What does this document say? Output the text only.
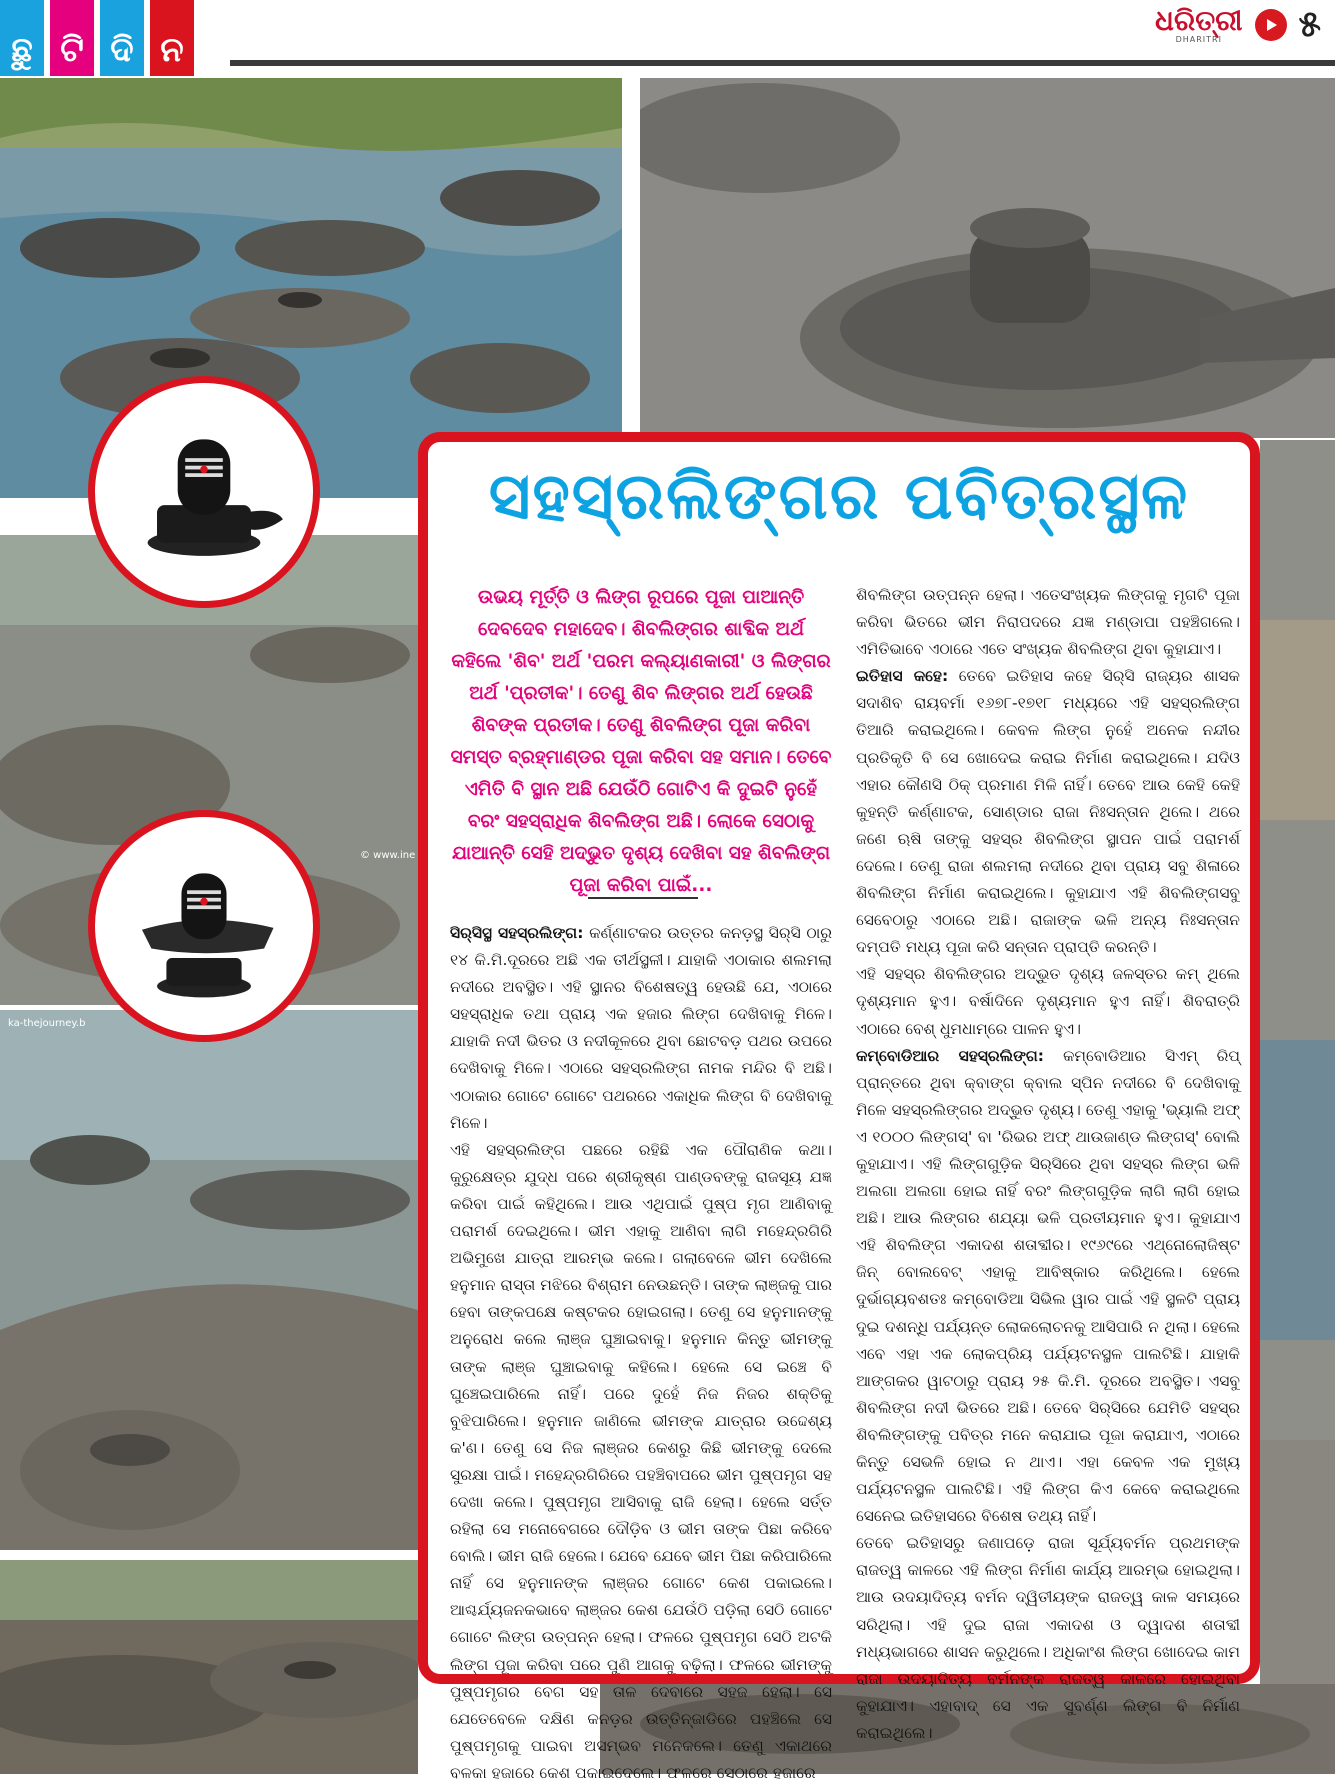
ଛୁ ଟି ଦି ନ
ଧରିତ୍ରୀ
DHARITRI	୫
© www.ine
ka-thejourney.b
ସହସ୍ରଲିଙ୍ଗର ପବିତ୍ରସ୍ଥଳ
ଉଭୟ ମୂର୍ତ୍ତି ଓ ଲିଙ୍ଗ ରୂପରେ ପୂଜା ପାଆନ୍ତି ଦେବଦେବ ମହାଦେବ। ଶିବଲିଙ୍ଗର ଶାବ୍ଦିକ ଅର୍ଥ କହିଲେ 'ଶିବ' ଅର୍ଥ 'ପରମ କଲ୍ୟାଣକାରୀ' ଓ ଲିଙ୍ଗର ଅର୍ଥ 'ପ୍ରତୀକ'। ତେଣୁ ଶିବ ଲିଙ୍ଗର ଅର୍ଥ ହେଉଛି ଶିବଙ୍କ ପ୍ରତୀକ। ତେଣୁ ଶିବଲିଙ୍ଗ ପୂଜା କରିବା ସମସ୍ତ ବ୍ରହ୍ମାଣ୍ଡର ପୂଜା କରିବା ସହ ସମାନ। ତେବେ ଏମିତି ବି ସ୍ଥାନ ଅଛି ଯେଉଁଠି ଗୋଟିଏ କି ଦୁଇଟି ନୁହେଁ ବରଂ ସହସ୍ରାଧିକ ଶିବଲିଙ୍ଗ ଅଛି। ଲୋକେ ସେଠାକୁ ଯାଆନ୍ତି ସେହି ଅଦ୍ଭୁତ ଦୃଶ୍ୟ ଦେଖିବା ସହ ଶିବଲିଙ୍ଗ ପୂଜା କରିବା ପାଇଁ...

ସିର୍‌ସିସ୍ଥ ସହସ୍ରଲିଙ୍ଗ: କର୍ଣ୍ଣାଟକର ଉତ୍ତର କନଡ଼ସ୍ଥ ସିର୍‌ସି ଠାରୁ ୧୪ କି.ମି.ଦୂରରେ ଅଛି ଏକ ତୀର୍ଥସ୍ଥଳୀ। ଯାହାକି ଏଠାକାର ଶଲମଲା ନଦୀରେ ଅବସ୍ଥିତ। ଏହି ସ୍ଥାନର ବିଶେଷତ୍ୱ ହେଉଛି ଯେ, ଏଠାରେ ସହସ୍ରାଧିକ ତଥା ପ୍ରାୟ ଏକ ହଜାର ଲିଙ୍ଗ ଦେଖିବାକୁ ମିଳେ। ଯାହାକି ନଦୀ ଭିତର ଓ ନଦୀକୂଳରେ ଥିବା ଛୋଟବଡ଼ ପଥର ଉପରେ ଦେଖିବାକୁ ମିଳେ। ଏଠାରେ ସହସ୍ରଲିଙ୍ଗ ନାମକ ମନ୍ଦିର ବି ଅଛି। ଏଠାକାର ଗୋଟେ ଗୋଟେ ପଥରରେ ଏକାଧିକ ଲିଙ୍ଗ ବି ଦେଖିବାକୁ ମିଳେ।

ଏହି ସହସ୍ରଲିଙ୍ଗ ପଛରେ ରହିଛି ଏକ ପୌରାଣିକ କଥା। କୁରୁକ୍ଷେତ୍ର ଯୁଦ୍ଧ ପରେ ଶ୍ରୀକୃଷ୍ଣ ପାଣ୍ଡବଙ୍କୁ ରାଜସୂୟ ଯଜ୍ଞ କରିବା ପାଇଁ କହିଥିଲେ। ଆଉ ଏଥିପାଇଁ ପୁଷ୍ପ ମୃଗ ଆଣିବାକୁ ପରାମର୍ଶ ଦେଇଥିଲେ। ଭୀମ ଏହାକୁ ଆଣିବା ଲାଗି ମହେନ୍ଦ୍ରଗିରି ଅଭିମୁଖେ ଯାତ୍ରା ଆରମ୍ଭ କଲେ। ଗଲାବେଳେ ଭୀମ ଦେଖିଲେ ହନୁମାନ ରାସ୍ତା ମଝିରେ ବିଶ୍ରାମ ନେଉଛନ୍ତି। ତାଙ୍କ ଲାଞ୍ଜକୁ ପାର ହେବା ତାଙ୍କପକ୍ଷେ କଷ୍ଟକର ହୋଇଗଲା। ତେଣୁ ସେ ହନୁମାନଙ୍କୁ ଅନୁରୋଧ କଲେ ଲାଞ୍ଜ ଘୁଞ୍ଚାଇବାକୁ। ହନୁମାନ କିନ୍ତୁ ଭୀମଙ୍କୁ ତାଙ୍କ ଲାଞ୍ଜ ଘୁଞ୍ଚାଇବାକୁ କହିଲେ। ହେଲେ ସେ ଇଞ୍ଚେ ବି ଘୁଞ୍ଚେଇପାରିଲେ ନାହିଁ। ପରେ ଦୁହେଁ ନିଜ ନିଜର ଶକ୍ତିକୁ ବୁଝିପାରିଲେ। ହନୁମାନ ଜାଣିଲେ ଭୀମଙ୍କ ଯାତ୍ରାର ଉଦ୍ଦେଶ୍ୟ କ'ଣ। ତେଣୁ ସେ ନିଜ ଲାଞ୍ଜର କେଶରୁ କିଛି ଭୀମଙ୍କୁ ଦେଲେ ସୁରକ୍ଷା ପାଇଁ। ମହେନ୍ଦ୍ରଗିରିରେ ପହଞ୍ଚିବାପରେ ଭୀମ ପୁଷ୍ପମୃଗ ସହ ଦେଖା କଲେ। ପୁଷ୍ପମୃଗ ଆସିବାକୁ ରାଜି ହେଲା। ହେଲେ ସର୍ତ୍ତ ରହିଲା ସେ ମନୋବେଗରେ ଦୌଡ଼ିବ ଓ ଭୀମ ତାଙ୍କ ପିଛା କରିବେ ବୋଲି। ଭୀମ ରାଜି ହେଲେ। ଯେବେ ଯେବେ ଭୀମ ପିଛା କରିପାରିଲେ ନାହିଁ ସେ ହନୁମାନଙ୍କ ଲାଞ୍ଜର ଗୋଟେ କେଶ ପକାଇଲେ। ଆଶ୍ଚର୍ଯ୍ୟଜନକଭାବେ ଲାଞ୍ଜର କେଶ ଯେଉଁଠି ପଡ଼ିଲା ସେଠି ଗୋଟେ ଗୋଟେ ଲିଙ୍ଗ ଉତ୍ପନ୍ନ ହେଲା। ଫଳରେ ପୁଷ୍ପମୃଗ ସେଠି ଅଟକି ଲିଙ୍ଗ ପୂଜା କରିବା ପରେ ପୁଣି ଆଗକୁ ବଢ଼ିଲା। ଫଳରେ ଭୀମଙ୍କୁ ପୁଷ୍ପମୃଗର ବେଗ ସହ ତାଳ ଦେବାରେ ସହଜ ହେଲା। ସେ ଯେତେବେଳେ ଦକ୍ଷିଣ କନଡ଼ର ଉତ୍ତିନ୍‌ଜାଡିରେ ପହଞ୍ଚିଲେ ସେ ପୁଷ୍ପମୃଗକୁ ପାଇବା ଅସମ୍ଭବ ମନେକଲେ। ତେଣୁ ଏକାଥରେ ବଳକା ହଜାରେ କେଶ ପକାଇଦେଲେ। ଫଳରେ ସେଠାରେ ହଜାରେ

ଶିବଲିଙ୍ଗ ଉତ୍ପନ୍ନ ହେଲା। ଏତେସଂଖ୍ୟକ ଲିଙ୍ଗକୁ ମୃଗଟି ପୂଜା କରିବା ଭିତରେ ଭୀମ ନିରାପଦରେ ଯଜ୍ଞ ମଣ୍ଡାପା ପହଞ୍ଚିଗଲେ। ଏମିତିଭାବେ ଏଠାରେ ଏତେ ସଂଖ୍ୟକ ଶିବଲିଙ୍ଗ ଥିବା କୁହାଯାଏ।

ଇତିହାସ କହେ: ତେବେ ଇତିହାସ କହେ ସିର୍‌ସି ରାଜ୍ୟର ଶାସକ ସଦାଶିବ ରାୟବର୍ମା ୧୬୭୮-୧୭୧୮ ମଧ୍ୟରେ ଏହି ସହସ୍ରଲିଙ୍ଗ ତିଆରି କରାଇଥିଲେ। କେବଳ ଲିଙ୍ଗ ନୁହେଁ ଅନେକ ନନ୍ଦୀର ପ୍ରତିକୃତି ବି ସେ ଖୋଦେଇ କରାଇ ନିର୍ମାଣ କରାଇଥିଲେ। ଯଦିଓ ଏହାର କୌଣସି ଠିକ୍ ପ୍ରମାଣ ମିଳି ନାହିଁ। ତେବେ ଆଉ କେହି କେହି କୁହନ୍ତି କର୍ଣ୍ଣାଟକ, ସୋଣ୍ଡାର ରାଜା ନିଃସନ୍ତାନ ଥିଲେ। ଥରେ ଜଣେ ଋଷି ତାଙ୍କୁ ସହସ୍ର ଶିବଲିଙ୍ଗ ସ୍ଥାପନ ପାଇଁ ପରାମର୍ଶ ଦେଲେ। ତେଣୁ ରାଜା ଶଲମଲା ନଦୀରେ ଥିବା ପ୍ରାୟ ସବୁ ଶିଳାରେ ଶିବଲିଙ୍ଗ ନିର୍ମାଣ କରାଇଥିଲେ। କୁହାଯାଏ ଏହି ଶିବଲିଙ୍ଗସବୁ ସେବେଠାରୁ ଏଠାରେ ଅଛି। ରାଜାଙ୍କ ଭଳି ଅନ୍ୟ ନିଃସନ୍ତାନ ଦମ୍ପତି ମଧ୍ୟ ପୂଜା କରି ସନ୍ତାନ ପ୍ରାପ୍ତି କରନ୍ତି।

ଏହି ସହସ୍ର ଶିବଲିଙ୍ଗର ଅଦ୍ଭୁତ ଦୃଶ୍ୟ ଜଳସ୍ତର କମ୍ ଥିଲେ ଦୃଶ୍ୟମାନ ହୁଏ। ବର୍ଷାଦିନେ ଦୃଶ୍ୟମାନ ହୁଏ ନାହିଁ। ଶିବରାତ୍ରି ଏଠାରେ ବେଶ୍ ଧୁମଧାମ୍‌ରେ ପାଳନ ହୁଏ।

କମ୍ବୋଡିଆର ସହସ୍ରଲିଙ୍ଗ: କମ୍ବୋଡିଆର ସିଏମ୍ ରିପ୍ ପ୍ରାନ୍ତରେ ଥିବା କ୍ବାଙ୍ଗ କ୍ବାଲ ସ୍ପିନ ନଦୀରେ ବି ଦେଖିବାକୁ ମିଳେ ସହସ୍ରଲିଙ୍ଗର ଅଦ୍ଭୁତ ଦୃଶ୍ୟ। ତେଣୁ ଏହାକୁ 'ଭ୍ୟାଲି ଅଫ୍ ଏ ୧୦୦୦ ଲିଙ୍ଗସ୍' ବା 'ରିଭର ଅଫ୍ ଥାଉଜାଣ୍ଡ ଲିଙ୍ଗସ୍' ବୋଲି କୁହାଯାଏ। ଏହି ଲିଙ୍ଗଗୁଡ଼ିକ ସିର୍‌ସିରେ ଥିବା ସହସ୍ର ଲିଙ୍ଗ ଭଳି ଅଲଗା ଅଲଗା ହୋଇ ନାହିଁ ବରଂ ଲିଙ୍ଗଗୁଡ଼ିକ ଲାଗି ଲାଗି ହୋଇ ଅଛି। ଆଉ ଲିଙ୍ଗର ଶଯ୍ୟା ଭଳି ପ୍ରତୀୟମାନ ହୁଏ। କୁହାଯାଏ ଏହି ଶିବଲିଙ୍ଗ ଏକାଦଶ ଶତାବ୍ଦୀର। ୧୯୬୯ରେ ଏଥ୍‌ନୋଲୋଜିଷ୍ଟ ଜିନ୍ ବୋଲବେଟ୍ ଏହାକୁ ଆବିଷ୍କାର କରିଥିଲେ। ହେଲେ ଦୁର୍ଭାଗ୍ୟବଶତଃ କମ୍ବୋଡିଆ ସିଭିଲ ୱାର ପାଇଁ ଏହି ସ୍ଥଳଟି ପ୍ରାୟ ଦୁଇ ଦଶନ୍ଧି ପର୍ଯ୍ୟନ୍ତ ଲୋକଲୋଚନକୁ ଆସିପାରି ନ ଥିଲା। ହେଲେ ଏବେ ଏହା ଏକ ଲୋକପ୍ରିୟ ପର୍ଯ୍ୟଟନସ୍ଥଳ ପାଲଟିଛି। ଯାହାକି ଆଙ୍ଗକର ୱାଟଠାରୁ ପ୍ରାୟ ୨୫ କି.ମି. ଦୂରରେ ଅବସ୍ଥିତ। ଏସବୁ ଶିବଲିଙ୍ଗ ନଦୀ ଭିତରେ ଅଛି। ତେବେ ସିର୍‌ସିରେ ଯେମିତି ସହସ୍ର ଶିବଲିଙ୍ଗଙ୍କୁ ପବିତ୍ର ମନେ କରାଯାଇ ପୂଜା କରାଯାଏ, ଏଠାରେ କିନ୍ତୁ ସେଭଳି ହୋଇ ନ ଥାଏ। ଏହା କେବଳ ଏକ ମୁଖ୍ୟ ପର୍ଯ୍ୟଟନସ୍ଥଳ ପାଲଟିଛି। ଏହି ଲିଙ୍ଗ କିଏ କେବେ କରାଇଥିଲେ ସେନେଇ ଇତିହାସରେ ବିଶେଷ ତଥ୍ୟ ନାହିଁ।

ତେବେ ଇତିହାସରୁ ଜଣାପଡ଼େ ରାଜା ସୂର୍ଯ୍ୟବର୍ମନ ପ୍ରଥମଙ୍କ ରାଜତ୍ୱ କାଳରେ ଏହି ଲିଙ୍ଗ ନିର୍ମାଣ କାର୍ଯ୍ୟ ଆରମ୍ଭ ହୋଇଥିଲା। ଆଉ ଉଦୟାଦିତ୍ୟ ବର୍ମନ ଦ୍ୱିତୀୟଙ୍କ ରାଜତ୍ୱ କାଳ ସମୟରେ ସରିଥିଲା। ଏହି ଦୁଇ ରାଜା ଏକାଦଶ ଓ ଦ୍ୱାଦଶ ଶତାବ୍ଦୀ ମଧ୍ୟଭାଗରେ ଶାସନ କରୁଥିଲେ। ଅଧିକାଂଶ ଲିଙ୍ଗ ଖୋଦେଇ କାମ ରାଜା ଉଦୟାଦିତ୍ୟ ବର୍ମନଙ୍କ ରାଜତ୍ୱ କାଳରେ ହୋଇଥିବା କୁହାଯାଏ। ଏହାବାଦ୍ ସେ ଏକ ସୁବର୍ଣ୍ଣ ଲିଙ୍ଗ ବି ନିର୍ମାଣ କରାଇଥିଲେ।
